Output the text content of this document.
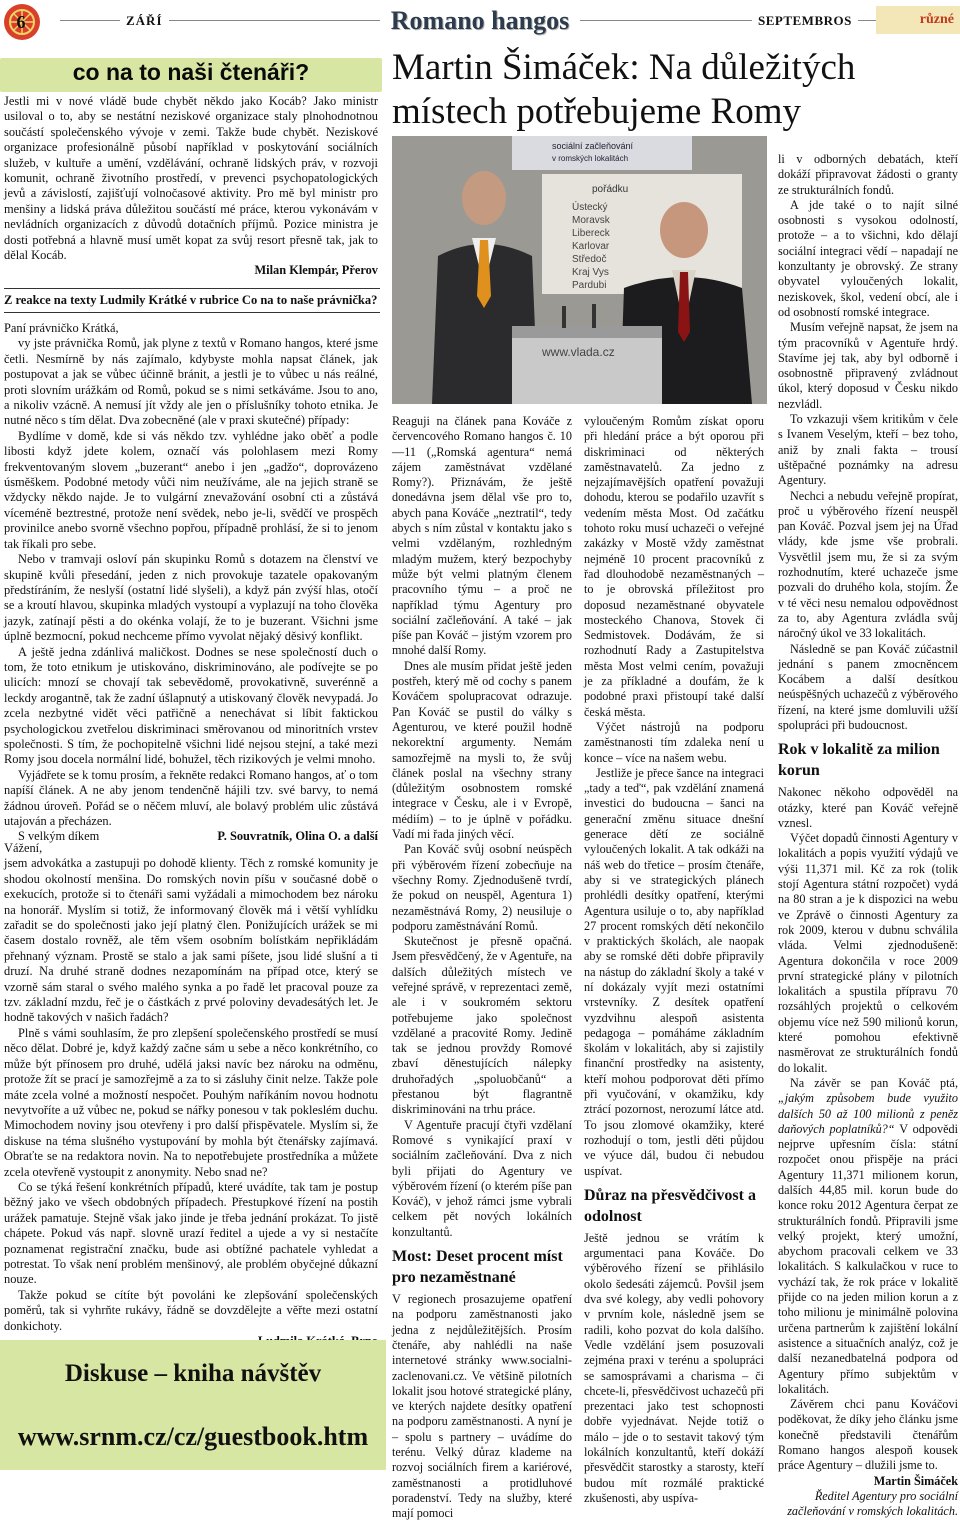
6	ZÁŘÍ	Romano hangos	SEPTEMBROS	různé
co na to naši čtenáři?

Jestli mi v nové vládě bude chybět někdo jako Kocáb? Jako ministr usiloval o to, aby se nestátní neziskové organizace staly plnohodnotnou součástí společenského vývoje v zemi. Takže bude chybět. Neziskové organizace profesionálně působí například v poskytování sociálních služeb, v kultuře a umění, vzdělávání, ochraně lidských práv, v rozvoji komunit, ochraně životního prostředí, v prevenci psychopatologických jevů a závislostí, zajišťují volnočasové aktivity. Pro mě byl ministr pro menšiny a lidská práva důležitou součástí mé práce, kterou vykonávám v nevládních organizacích z důvodů dotačních příjmů. Pozice ministra je dosti potřebná a hlavně musí umět kopat za svůj resort přesně tak, jak to dělal Kocáb.

Milan Klempár, Přerov
Z reakce na texty Ludmily Krátké v rubrice Co na to naše právnička?

Paní právničko Krátká,

vy jste právnička Romů, jak plyne z textů v Romano hangos, které jsme četli. Nesmírně by nás zajímalo, kdybyste mohla napsat článek, jak postupovat a jak se vůbec účinně bránit, a jestli je to vůbec u nás reálné, proti slovním urážkám od Romů, pokud se s nimi setkáváme. Jsou to ano, a nikoliv vzácně. A nemusí jít vždy ale jen o příslušníky tohoto etnika. Je nutné něco s tím dělat. Dva zobecněné (ale v praxi skutečné) případy:

Bydlíme v domě, kde si vás někdo tzv. vyhlédne jako oběť a podle libosti když jdete kolem, označí vás polohlasem mezi Romy frekventovaným slovem „buzerant“ anebo i jen „gadžo“, doprovázeno úsměškem. Podobné metody vůči nim neužíváme, ale na jejich straně se vždycky někdo najde. Je to vulgární znevažování osobní cti a zůstává víceméně beztrestné, protože není svědek, nebo je-li, svědčí ve prospěch provinilce anebo svorně všechno popřou, případně prohlásí, že si to jenom tak říkali pro sebe.

Nebo v tramvaji osloví pán skupinku Romů s dotazem na členství ve skupině kvůli přesedání, jeden z nich provokuje tazatele opakovaným předstíráním, že neslyší (ostatní lidé slyšeli), a když pán zvýší hlas, otočí se a kroutí hlavou, skupinka mladých vystoupí a vyplazují na toho člověka jazyk, zatínají pěsti a do okénka volají, že to je buzerant. Všichni jsme úplně bezmocní, pokud nechceme přímo vyvolat nějaký děsivý konflikt.

A ještě jedna zdánlivá maličkost. Dodnes se nese společností duch o tom, že toto etnikum je utiskováno, diskriminováno, ale podívejte se po ulicích: mnozí se chovají tak sebevědomě, provokativně, suverénně a leckdy arogantně, tak že zadní úšlapnutý a utiskovaný člověk nevypadá. Jo zcela nezbytné vidět věci patřičně a nenechávat si líbit faktickou psychologickou zvetřelou diskriminaci směrovanou od minoritních vrstev společnosti. S tím, že pochopitelně všichni lidé nejsou stejní, a také mezi Romy jsou docela normální lidé, bohužel, těch rizikových je velmi mnoho.

Vyjádřete se k tomu prosím, a řekněte redakci Romano hangos, ať o tom napíší článek. A ne aby jenom tendenčně hájili tzv. své barvy, to nemá žádnou úroveň. Pořád se o něčem mluví, ale bolavý problém ulic zůstává utajován a přecházen.

S velkým díkem	P. Souvratník, Olina O. a další

Vážení,

jsem advokátka a zastupuji po dohodě klienty. Těch z romské komunity je shodou okolností menšina. Do romských novin píšu v současné době o exekucích, protože si to čtenáři sami vyžádali a mimochodem bez nároku na honorář. Myslím si totiž, že informovaný člověk má i větší vyhlídku zařadit se do společnosti jako její platný člen. Ponižujících urážek se mi časem dostalo rovněž, ale těm všem osobním bolístkám nepřikládám přehnaný význam. Prostě se stalo a jak sami píšete, jsou lidé slušní a ti druzí. Na druhé straně dodnes nezapomínám na případ otce, který se vzorně sám staral o svého malého synka a po řadě let pracoval pouze za tzv. základní mzdu, řeč je o částkách z prvé poloviny devadesátých let. Je hodně takových v našich řadách?

Plně s vámi souhlasím, že pro zlepšení společenského prostředí se musí něco dělat. Dobré je, když každý začne sám u sebe a něco konkrétního, co může být přínosem pro druhé, udělá jaksi navíc bez nároku na odměnu, protože žít se prací je samozřejmě a za to si zásluhy činit nelze. Takže pole máte zcela volné a možností nespočet. Pouhým naříkáním novou hodnotu nevytvoříte a už vůbec ne, pokud se nářky ponesou v tak pokleslém duchu. Mimochodem noviny jsou otevřeny i pro další přispěvatele. Myslím si, že diskuse na téma slušného vystupování by mohla být čtenářsky zajímavá. Obraťte se na redaktora novin. Na to nepotřebujete prostředníka a můžete zcela otevřeně vystoupit z anonymity. Nebo snad ne?

Co se týká řešení konkrétních případů, které uvádíte, tak tam je postup běžný jako ve všech obdobných případech. Přestupkové řízení na postih urážek pamatuje. Stejně však jako jinde je třeba jednání prokázat. To jistě chápete. Pokud vás např. slovně urazí ředitel a ujede a vy si nestačíte poznamenat registrační značku, bude asi obtížné pachatele vyhledat a potrestat. To však není problém menšinový, ale problém obyčejné důkazní nouze.

Takže pokud se cítíte být povoláni ke zlepšování společenských poměrů, tak si vyhrňte rukávy, řádně se dovzdělejte a věřte mezi ostatní donkichoty.

Diskuse – kniha návštěv
www.srnm.cz/cz/guestbook.htm
Martin Šimáček: Na důležitých místech potřebujeme Romy
sociální začleňování
v romských lokalitách
pořádku
Ústecký
Moravsk
Libereck
Karlovar
Středoč
Kraj Vys
Pardubi
www.vlada.cz

Reaguji na článek pana Kováče z červencového Romano hangos č. 10—11 („Romská agentura“ nemá zájem zaměstnávat vzdělané Romy?). Přiznávám, že ještě donedávna jsem dělal vše pro to, abych pana Kováče „neztratil“, tedy abych s ním zůstal v kontaktu jako s velmi vzdělaným, rozhledným mladým mužem, který bezpochyby může být velmi platným členem pracovního týmu – a proč ne například týmu Agentury pro sociální začleňování. A také – jak píše pan Kováč – jistým vzorem pro mnohé další Romy.

Dnes ale musím přidat ještě jeden postřeh, který mě od cochy s panem Kováčem spolupracovat odrazuje. Pan Kováč se pustil do války s Agenturou, ve které použil hodně nekorektní argumenty. Nemám samozřejmě na mysli to, že svůj článek poslal na všechny strany (důležitým osobnostem romské integrace v Česku, ale i v Evropě, médiím) – to je úplně v pořádku. Vadí mi řada jiných věcí.

Pan Kováč svůj osobní neúspěch při výběrovém řízení zobecňuje na všechny Romy. Zjednodušeně tvrdí, že pokud on neuspěl, Agentura 1) nezaměstnává Romy, 2) neusiluje o podporu zaměstnávání Romů.

Skutečnost je přesně opačná. Jsem přesvědčený, že v Agentuře, na dalších důležitých místech ve veřejné správě, v reprezentaci země, ale i v soukromém sektoru potřebujeme jako společnost vzdělané a pracovité Romy. Jedině tak se jednou provždy Romové zbaví děnestujících nálepky druhořadých „spoluobčanů“ a přestanou být flagrantně diskriminováni na trhu práce.

V Agentuře pracují čtyři vzdělaní Romové s vynikající praxí v sociálním začleňování. Dva z nich byli přijati do Agentury ve výběrovém řízení (o kterém píše pan Kováč), v jehož rámci jsme vybrali celkem pět nových lokálních konzultantů.

Most: Deset procent míst pro nezaměstnané

V regionech prosazujeme opatření na podporu zaměstnanosti jako jedna z nejdůležitějších. Prosím čtenáře, aby nahlédli na naše internetové stránky www.socialni-zaclenovani.cz. Ve většině pilotních lokalit jsou hotové strategické plány, ve kterých najdete desítky opatření na podporu zaměstnanosti. A nyní je – spolu s partnery – uvádíme do terénu. Velký důraz klademe na rozvoj sociálních firem a kariérové, zaměstnanosti a protidluhové poradenství. Tedy na služby, které mají pomoci

vyloučeným Romům získat oporu při hledání práce a být oporou při diskriminaci od některých zaměstnavatelů. Za jedno z nejzajímavějších opatření považuji dohodu, kterou se podařilo uzavřít s vedením města Most. Od začátku tohoto roku musí uchazeči o veřejné zakázky v Mostě vždy zaměstnat nejméně 10 procent pracovníků z řad dlouhodobě nezaměstnaných – to je obrovská příležitost pro doposud nezaměstnané obyvatele mosteckého Chanova, Stovek či Sedmistovek. Dodávám, že si rozhodnutí Rady a Zastupitelstva města Most velmi cením, považuji je za příkladné a doufám, že k podobné praxi přistoupí také další česká města.

Výčet nástrojů na podporu zaměstnanosti tím zdaleka není u konce – více na našem webu.

Jestliže je přece šance na integraci „tady a teď“, pak vzdělání znamená investici do budoucna – šanci na generační změnu situace dnešní generace dětí ze sociálně vyloučených lokalit. A tak odkáži na náš web do třetice – prosím čtenáře, aby si ve strategických plánech prohlédli desítky opatření, kterými Agentura usiluje o to, aby například 27 procent romských dětí nekončilo v praktických školách, ale naopak aby se romské děti dobře připravily na nástup do základní školy a také v ní dokázaly vyjít mezi ostatními vrstevníky. Z desítek opatření vyzdvihnu alespoň asistenta pedagoga – pomáháme základním školám v lokalitách, aby si zajistily finanční prostředky na asistenty, kteří mohou podporovat děti přímo při vyučování, v okamžiku, kdy ztrácí pozornost, nerozumí látce atd. To jsou zlomové okamžiky, které rozhodují o tom, jestli děti půjdou ve výuce dál, budou či nebudou uspívat.

Důraz na přesvědčivost a odolnost

Ještě jednou se vrátím k argumentaci pana Kováče. Do výběrového řízení se přihlásilo okolo šedesáti zájemců. Povšil jsem dva své kolegy, aby vedli pohovory v prvním kole, následně jsem se radili, koho pozvat do kola dalšího. Vedle vzdělání jsem posuzovali zejména praxi v terénu a spolupráci se samosprávami a charisma – či chcete-li, přesvědčivost uchazečů při prezentaci jako test schopnosti dobře vyjednávat. Nejde totiž o málo – jde o to sestavit takový tým lokálních konzultantů, kteří dokáží přesvědčit starostky a starosty, kteří budou mít rozmálé praktické zkušenosti, aby uspíva-

li v odborných debatách, kteří dokáží připravovat žádosti o granty ze strukturálních fondů.

A jde také o to najít silné osobnosti s vysokou odolností, protože – a to všichni, kdo dělají sociální integraci vědí – napadají ne konzultanty je obrovský. Ze strany obyvatel vyloučených lokalit, neziskovek, škol, vedení obcí, ale i od osobností romské integrace.

Musím veřejně napsat, že jsem na tým pracovníků v Agentuře hrdý. Stavíme jej tak, aby byl odborně i osobnostně připravený zvládnout úkol, který doposud v Česku nikdo nezvládl.

To vzkazuji všem kritikům v čele s Ivanem Veselým, kteří – bez toho, aniž by znali fakta – trousí uštěpačné poznámky na adresu Agentury.

Nechci a nebudu veřejně propírat, proč u výběrového řízení neuspěl pan Kováč. Pozval jsem jej na Úřad vlády, kde jsme vše probrali. Vysvětlil jsem mu, že si za svým rozhodnutím, které uchazeče jsme pozvali do druhého kola, stojím. Že v té věci nesu nemalou odpovědnost za to, aby Agentura zvládla svůj náročný úkol ve 33 lokalitách.

Následně se pan Kováč zúčastnil jednání s panem zmocněncem Kocábem a další desítkou neúspěšných uchazečů z výběrového řízení, na které jsme domluvili užší spolupráci při budoucnost.

Rok v lokalitě za milion korun

Nakonec někoho odpověděl na otázky, které pan Kováč veřejně vznesl.

Výčet dopadů činnosti Agentury v lokalitách a popis využití výdajů ve výši 11,371 mil. Kč za rok (tolik stojí Agentura státní rozpočet) vydá na 80 stran a je k dispozici na webu ve Zprávě o činnosti Agentury za rok 2009, kterou v dubnu schválila vláda. Velmi zjednodušeně: Agentura dokončila v roce 2009 první strategické plány v pilotních lokalitách a spustila přípravu 70 rozsáhlých projektů o celkovém objemu více než 590 milionů korun, které pomohou efektivně nasměrovat ze strukturálních fondů do lokalit.

Na závěr se pan Kováč ptá, „jakým způsobem bude využito dalších 50 až 100 milionů z peněz daňových poplatníků?“ V odpovědi nejprve upřesním čísla: státní rozpočet onou přispěje na práci Agentury 11,371 milionem korun, dalších 44,85 mil. korun bude do konce roku 2012 Agentura čerpat ze strukturálních fondů. Připravili jsme velký projekt, který umožní, abychom pracovali celkem ve 33 lokalitách. S kalkulačkou v ruce to vychází tak, že rok práce v lokalitě přijde co na jeden milion korun a z toho milionu je minimálně polovina určena partnerům k zajištění lokální asistence a situačních analýz, což je další nezanedbatelná podpora od Agentury přímo subjektům v lokalitách.

Závěrem chci panu Kováčovi poděkovat, že díky jeho článku jsme konečně představili čtenářům Romano hangos alespoň kousek práce Agentury – dlužili jsme to.

Martin Šimáček
Ředitel Agentury pro sociální začleňování v romských lokalitách.
